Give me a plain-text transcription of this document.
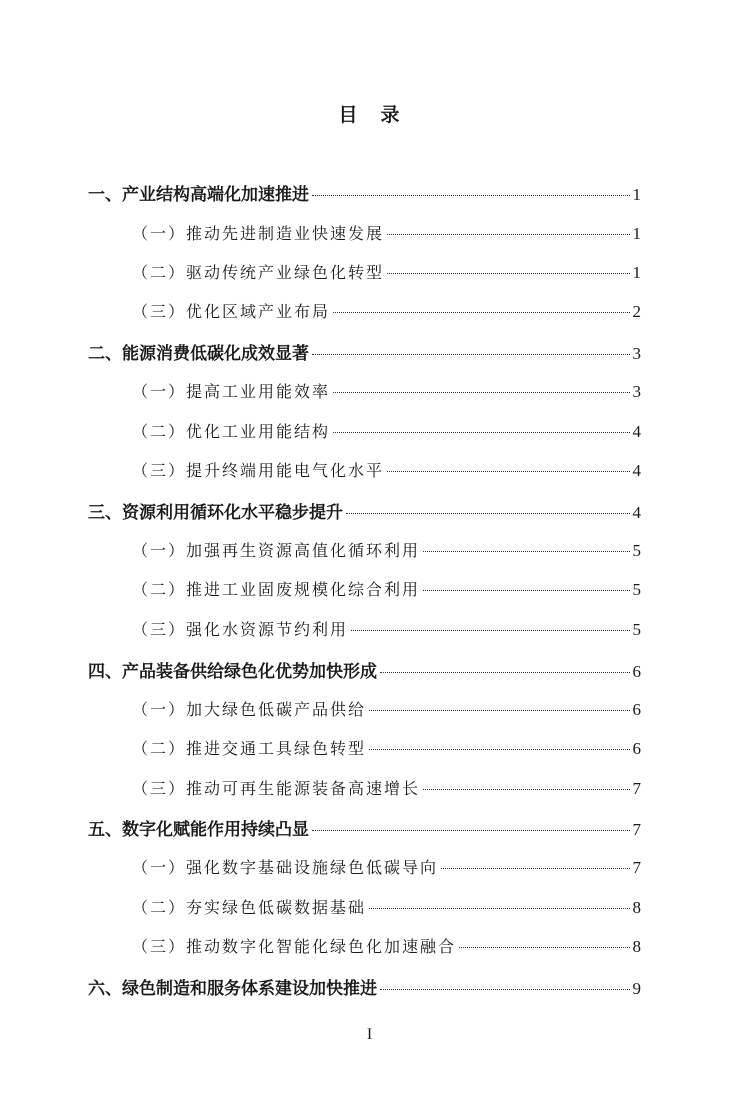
目 录
一、产业结构高端化加速推进	1
（一）推动先进制造业快速发展	1
（二）驱动传统产业绿色化转型	1
（三）优化区域产业布局	2
二、能源消费低碳化成效显著	3
（一）提高工业用能效率	3
（二）优化工业用能结构	4
（三）提升终端用能电气化水平	4
三、资源利用循环化水平稳步提升	4
（一）加强再生资源高值化循环利用	5
（二）推进工业固废规模化综合利用	5
（三）强化水资源节约利用	5
四、产品装备供给绿色化优势加快形成	6
（一）加大绿色低碳产品供给	6
（二）推进交通工具绿色转型	6
（三）推动可再生能源装备高速增长	7
五、数字化赋能作用持续凸显	7
（一）强化数字基础设施绿色低碳导向	7
（二）夯实绿色低碳数据基础	8
（三）推动数字化智能化绿色化加速融合	8
六、绿色制造和服务体系建设加快推进	9
I
